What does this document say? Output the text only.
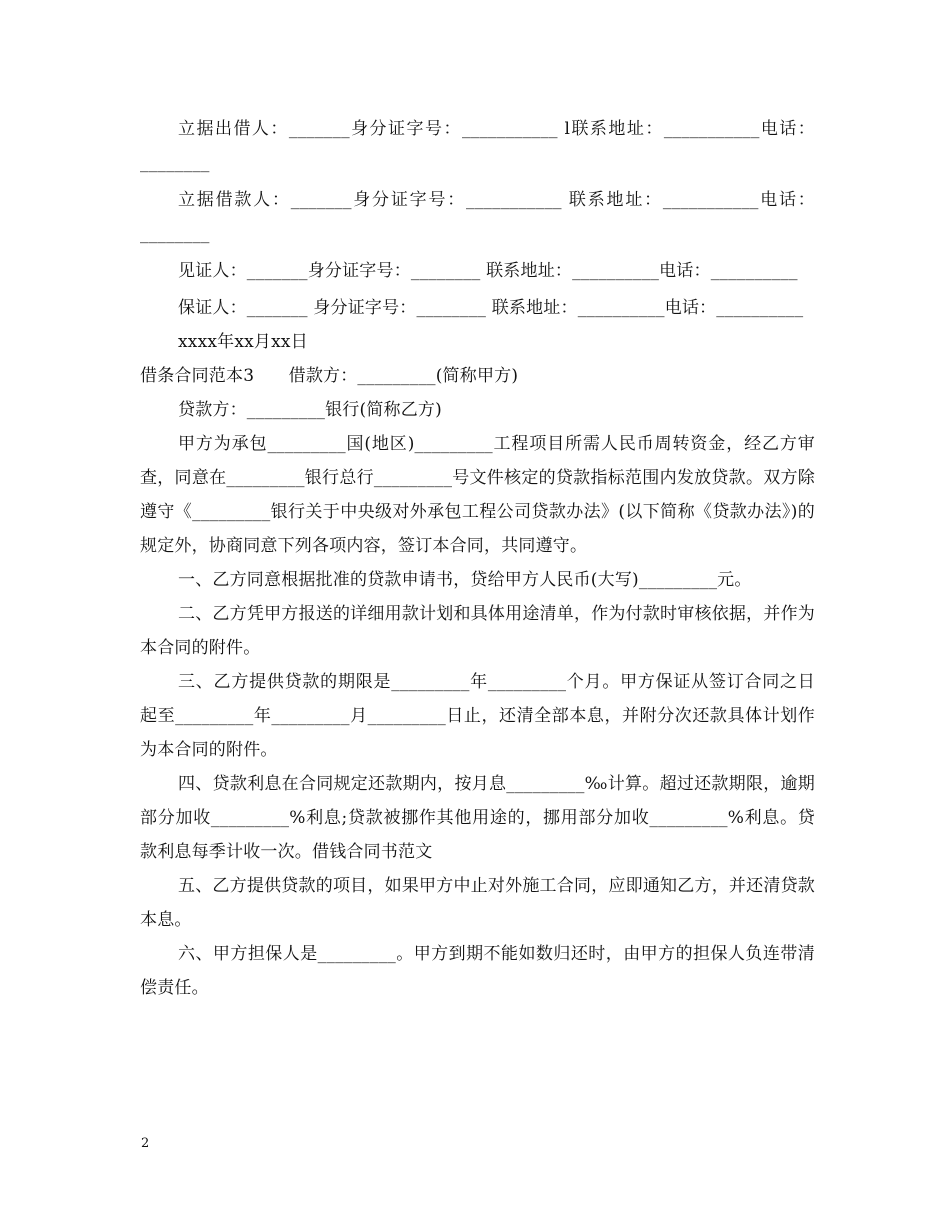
立据出借人：_______身分证字号：___________ l联系地址：___________电话：________

立据借款人：_______身分证字号：___________ 联系地址：___________电话：________

见证人：_______身分证字号：________ 联系地址：__________电话：__________

保证人：_______ 身分证字号：________ 联系地址：__________电话：__________

xxxx年xx月xx日

借条合同范本3　　借款方：_________(简称甲方)

贷款方：_________银行(简称乙方)

甲方为承包_________国(地区)_________工程项目所需人民币周转资金，经乙方审查，同意在_________银行总行_________号文件核定的贷款指标范围内发放贷款。双方除遵守《_________银行关于中央级对外承包工程公司贷款办法》(以下简称《贷款办法》)的规定外，协商同意下列各项内容，签订本合同，共同遵守。

一、乙方同意根据批准的贷款申请书，贷给甲方人民币(大写)_________元。

二、乙方凭甲方报送的详细用款计划和具体用途清单，作为付款时审核依据，并作为本合同的附件。

三、乙方提供贷款的期限是_________年_________个月。甲方保证从签订合同之日起至_________年_________月_________日止，还清全部本息，并附分次还款具体计划作为本合同的附件。

四、贷款利息在合同规定还款期内，按月息_________‰计算。超过还款期限，逾期部分加收_________%利息;贷款被挪作其他用途的，挪用部分加收_________%利息。贷款利息每季计收一次。借钱合同书范文

五、乙方提供贷款的项目，如果甲方中止对外施工合同，应即通知乙方，并还清贷款本息。

六、甲方担保人是_________。甲方到期不能如数归还时，由甲方的担保人负连带清偿责任。

2
